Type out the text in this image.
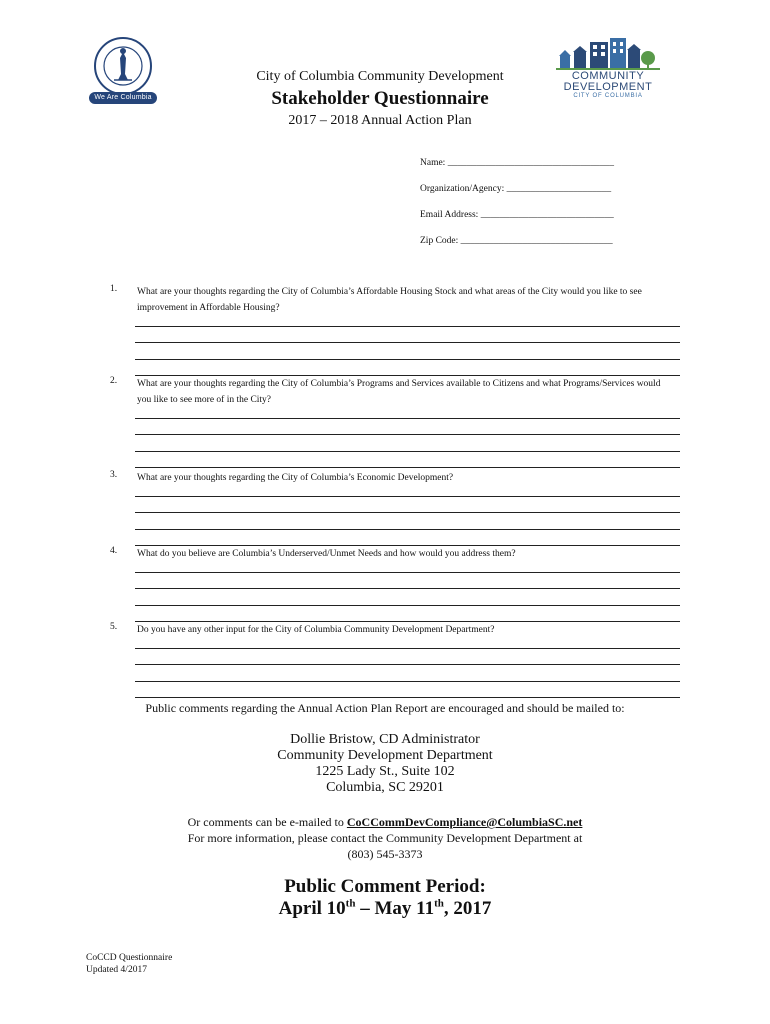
We Are Columbia
COMMUNITY
DEVELOPMENT
CITY OF COLUMBIA
City of Columbia Community Development
Stakeholder Questionnaire
2017 – 2018 Annual Action Plan
Name: ___________________________________
Organization/Agency: ______________________
Email Address: ____________________________
Zip Code: ________________________________
1. What are your thoughts regarding the City of Columbia’s Affordable Housing Stock and what areas of the City would you like to see improvement in Affordable Housing?
2. What are your thoughts regarding the City of Columbia’s Programs and Services available to Citizens and what Programs/Services would you like to see more of in the City?
3. What are your thoughts regarding the City of Columbia’s Economic Development?
4. What do you believe are Columbia’s Underserved/Unmet Needs and how would you address them?
5. Do you have any other input for the City of Columbia Community Development Department?
Public comments regarding the Annual Action Plan Report are encouraged and should be mailed to:
Dollie Bristow, CD Administrator
Community Development Department
1225 Lady St., Suite 102
Columbia, SC 29201
Or comments can be e-mailed to CoCCommDevCompliance@ColumbiaSC.net
For more information, please contact the Community Development Department at
(803) 545-3373
Public Comment Period:
April 10th – May 11th, 2017
CoCCD Questionnaire
Updated 4/2017
